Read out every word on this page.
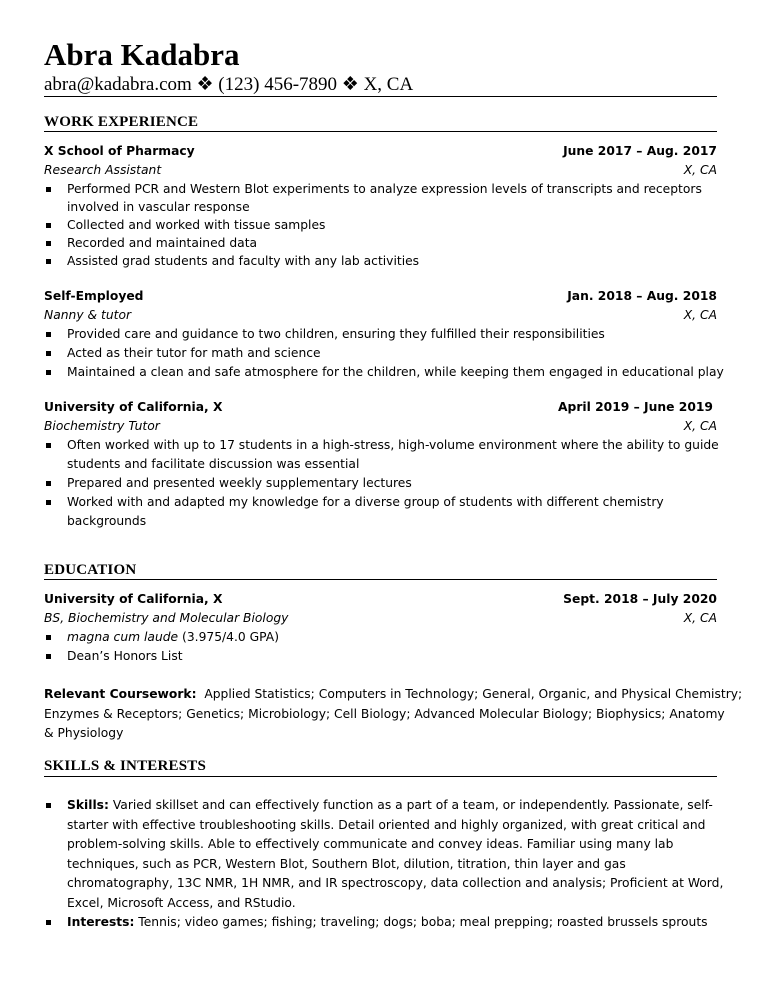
Abra Kadabra
abra@kadabra.com ❖ (123) 456-7890 ❖ X, CA
WORK EXPERIENCE
X School of Pharmacy	June 2017 – Aug. 2017
Research Assistant	X, CA
Performed PCR and Western Blot experiments to analyze expression levels of transcripts and receptors
involved in vascular response
Collected and worked with tissue samples
Recorded and maintained data
Assisted grad students and faculty with any lab activities
Self-Employed	Jan. 2018 – Aug. 2018
Nanny & tutor	X, CA
Provided care and guidance to two children, ensuring they fulfilled their responsibilities
Acted as their tutor for math and science
Maintained a clean and safe atmosphere for the children, while keeping them engaged in educational play
University of California, X	April 2019 – June 2019
Biochemistry Tutor	X, CA
Often worked with up to 17 students in a high-stress, high-volume environment where the ability to guide
students and facilitate discussion was essential
Prepared and presented weekly supplementary lectures
Worked with and adapted my knowledge for a diverse group of students with different chemistry
backgrounds
EDUCATION
University of California, X	Sept. 2018 – July 2020
BS, Biochemistry and Molecular Biology	X, CA
magna cum laude (3.975/4.0 GPA)
Dean’s Honors List
Relevant Coursework:  Applied Statistics; Computers in Technology; General, Organic, and Physical Chemistry;
Enzymes & Receptors; Genetics; Microbiology; Cell Biology; Advanced Molecular Biology; Biophysics; Anatomy
& Physiology
SKILLS & INTERESTS
Skills: Varied skillset and can effectively function as a part of a team, or independently. Passionate, self-
starter with effective troubleshooting skills. Detail oriented and highly organized, with great critical and
problem-solving skills. Able to effectively communicate and convey ideas. Familiar using many lab
techniques, such as PCR, Western Blot, Southern Blot, dilution, titration, thin layer and gas
chromatography, 13C NMR, 1H NMR, and IR spectroscopy, data collection and analysis; Proficient at Word,
Excel, Microsoft Access, and RStudio.
Interests: Tennis; video games; fishing; traveling; dogs; boba; meal prepping; roasted brussels sprouts
